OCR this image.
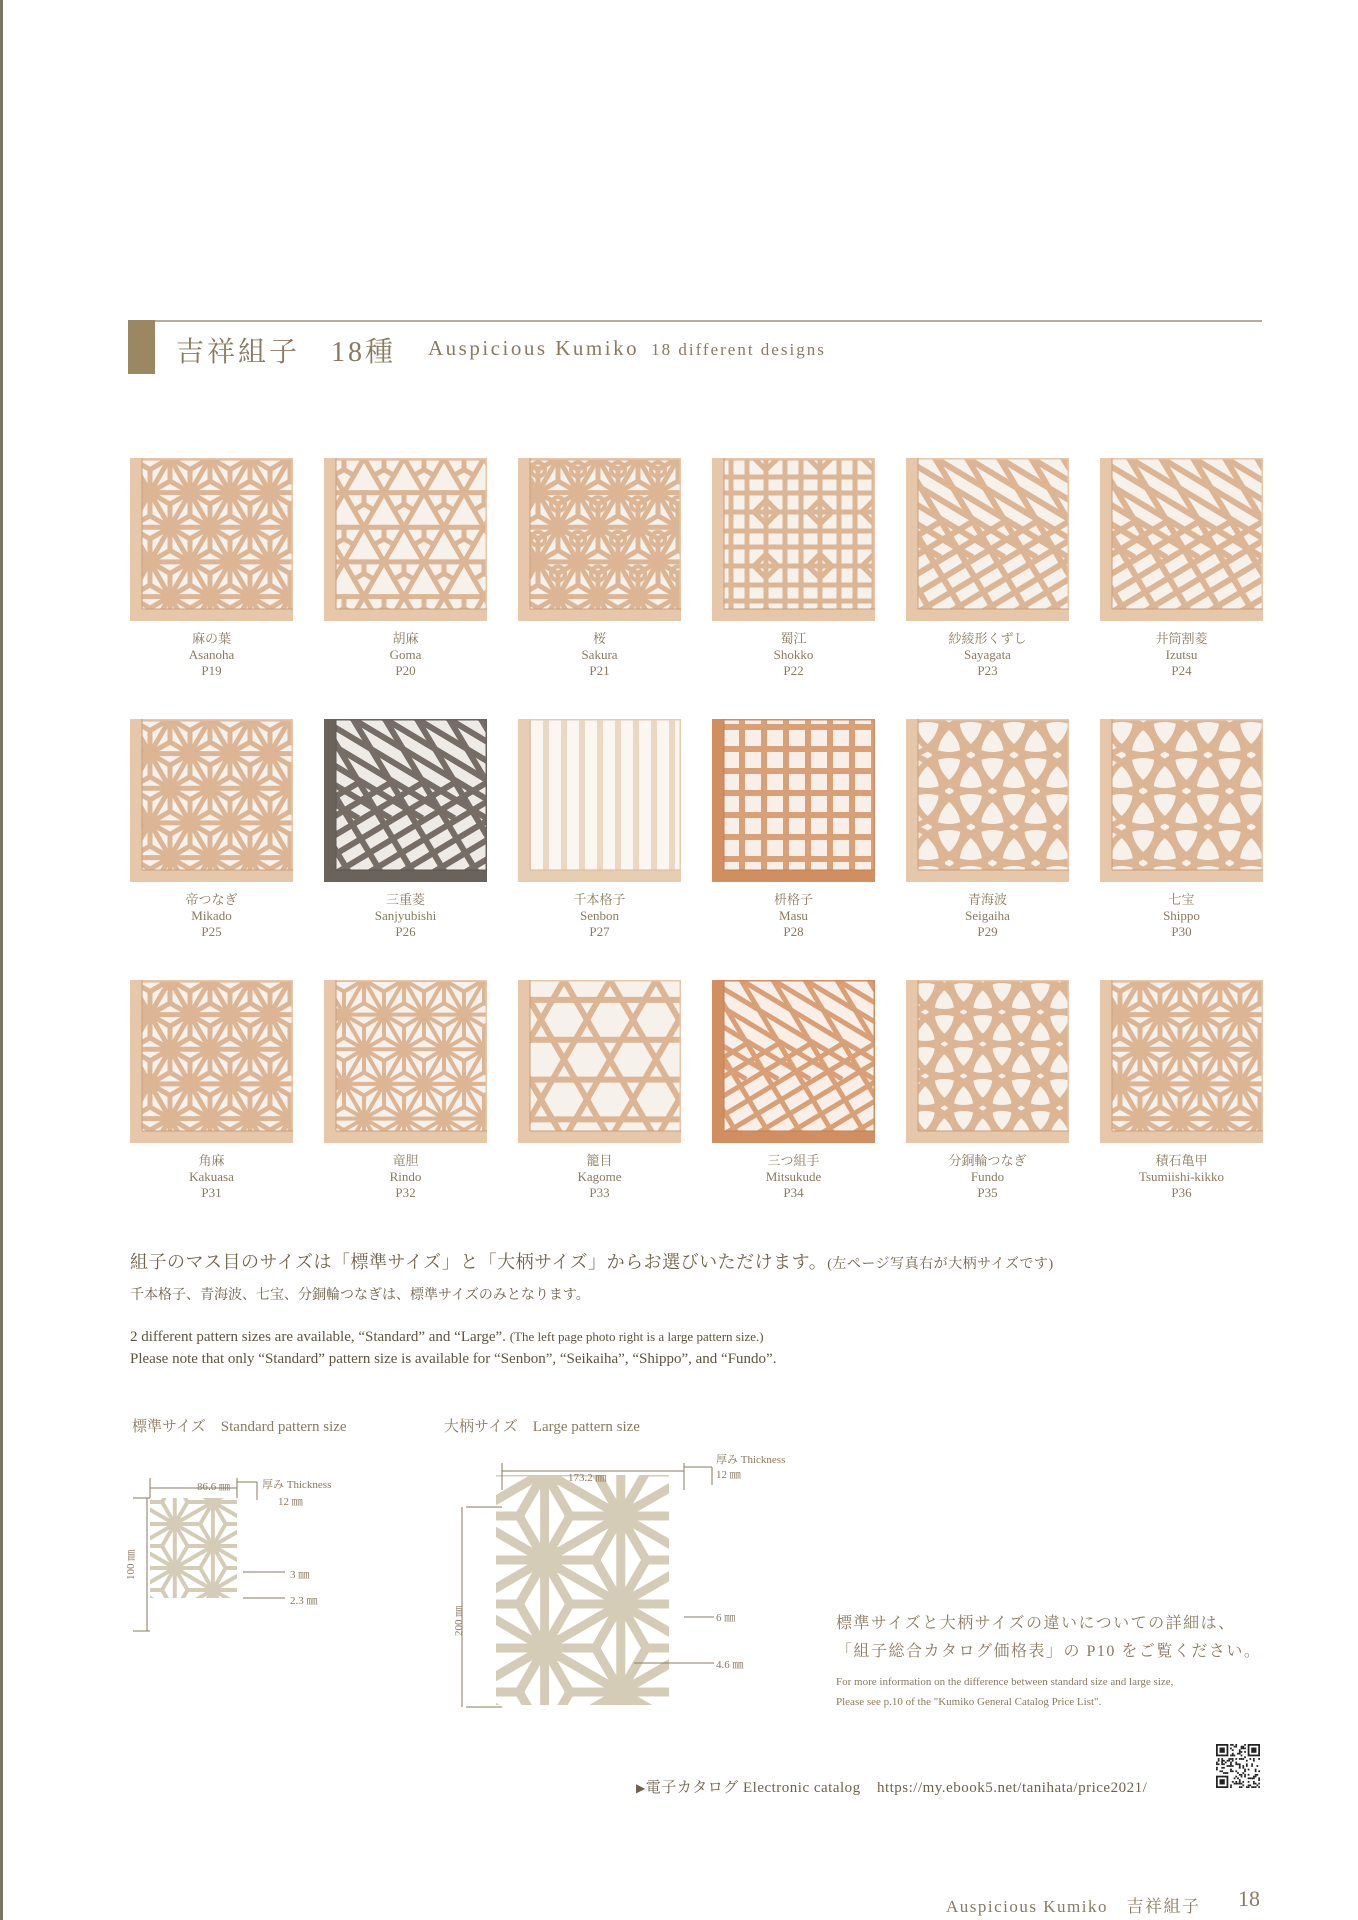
吉祥組子　18種 Auspicious Kumiko 18 different designs
麻の葉
Asanoha
P19
胡麻
Goma
P20
桜
Sakura
P21
蜀江
Shokko
P22
紗綾形くずし
Sayagata
P23
井筒割菱
Izutsu
P24
帝つなぎ
Mikado
P25
三重菱
Sanjyubishi
P26
千本格子
Senbon
P27
枡格子
Masu
P28
青海波
Seigaiha
P29
七宝
Shippo
P30
角麻
Kakuasa
P31
竜胆
Rindo
P32
籠目
Kagome
P33
三つ組手
Mitsukude
P34
分銅輪つなぎ
Fundo
P35
積石亀甲
Tsumiishi-kikko
P36
組子のマス目のサイズは「標準サイズ」と「大柄サイズ」からお選びいただけます。(左ページ写真右が大柄サイズです)
千本格子、青海波、七宝、分銅輪つなぎは、標準サイズのみとなります。
2 different pattern sizes are available, “Standard” and “Large”. (The left page photo right is a large pattern size.)
Please note that only “Standard” pattern size is available for “Senbon”, “Seikaiha”, “Shippo”, and “Fundo”.
標準サイズ　Standard pattern size
86.6 ㎜	厚み Thickness
12 ㎜
100 ㎜	3 ㎜
2.3 ㎜
大柄サイズ　Large pattern size
173.2 ㎜
厚み Thickness
12 ㎜
200 ㎜	6 ㎜
4.6 ㎜
標準サイズと大柄サイズの違いについての詳細は、
「組子総合カタログ価格表」の P10 をご覧ください。
For more information on the difference between standard size and large size,
Please see p.10 of the "Kumiko General Catalog Price List".
▶電子カタログ Electronic catalog https://my.ebook5.net/tanihata/price2021/
Auspicious Kumiko　吉祥組子 18
